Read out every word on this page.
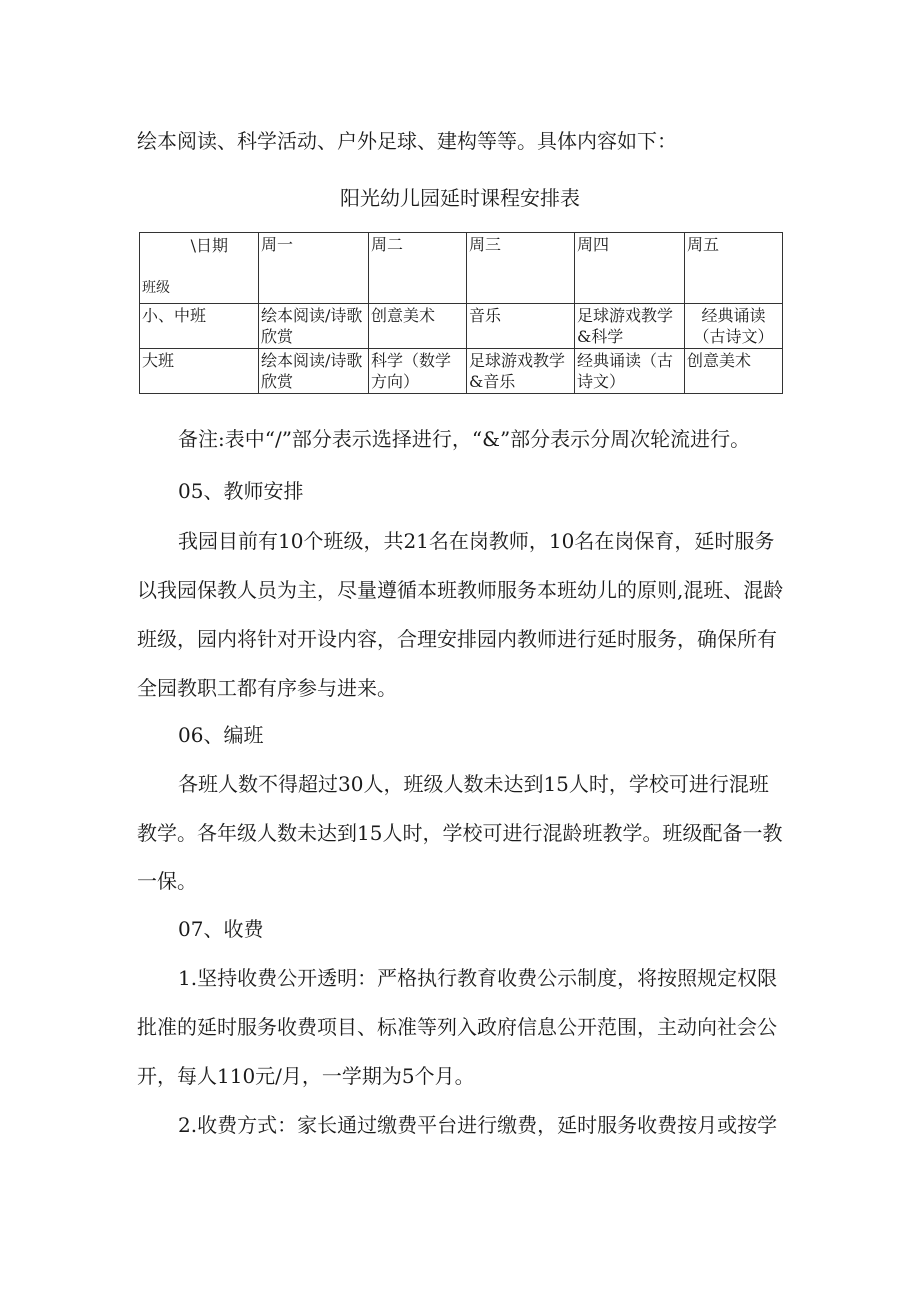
绘本阅读、科学活动、户外足球、建构等等。具体内容如下：
阳光幼儿园延时课程安排表
\日期
班级	周一	周二	周三	周四	周五
小、中班	绘本阅读/诗歌欣赏	创意美术	音乐	足球游戏教学&科学	经典诵读（古诗文）
大班	绘本阅读/诗歌欣赏	科学（数学方向）	足球游戏教学&音乐	经典诵读（古诗文）	创意美术
备注:表中“/”部分表示选择进行，“&”部分表示分周次轮流进行。
05、教师安排
我园目前有10个班级，共21名在岗教师，10名在岗保育，延时服务
以我园保教人员为主，尽量遵循本班教师服务本班幼儿的原则,混班、混龄
班级，园内将针对开设内容，合理安排园内教师进行延时服务，确保所有
全园教职工都有序参与进来。
06、编班
各班人数不得超过30人，班级人数未达到15人时，学校可进行混班
教学。各年级人数未达到15人时，学校可进行混龄班教学。班级配备一教
一保。
07、收费
1.坚持收费公开透明：严格执行教育收费公示制度，将按照规定权限
批准的延时服务收费项目、标准等列入政府信息公开范围，主动向社会公
开，每人110元/月，一学期为5个月。
2.收费方式：家长通过缴费平台进行缴费，延时服务收费按月或按学
